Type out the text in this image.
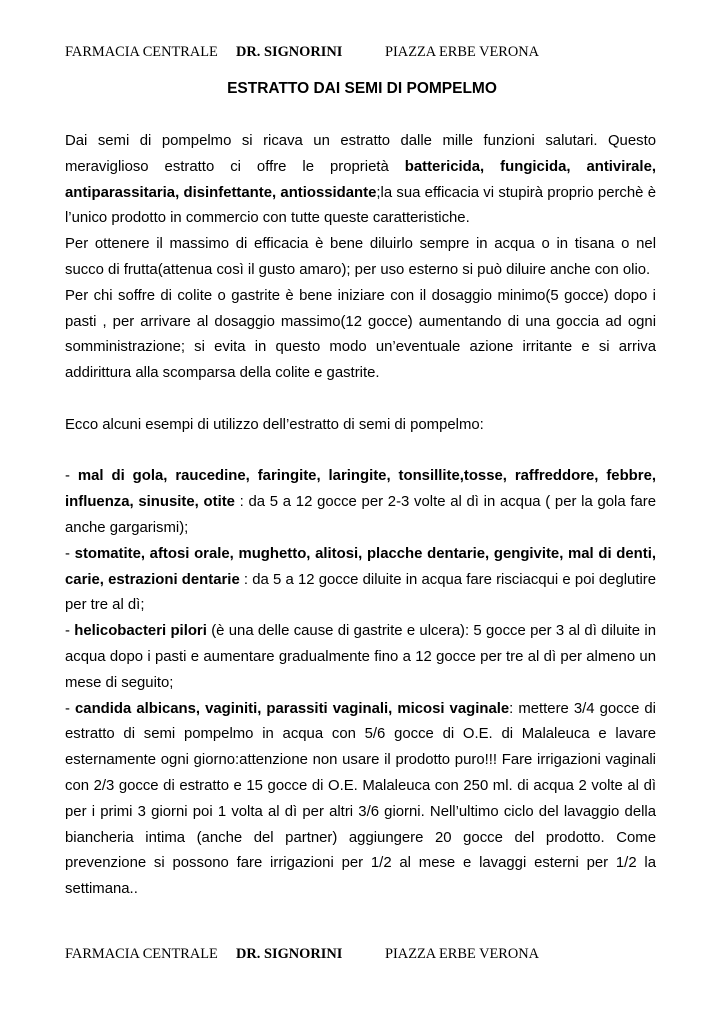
FARMACIA CENTRALE DR. SIGNORINI	PIAZZA ERBE VERONA
ESTRATTO DAI SEMI DI POMPELMO

Dai semi di pompelmo si ricava un estratto dalle mille funzioni salutari. Questo meraviglioso estratto ci offre le proprietà battericida, fungicida, antivirale, antiparassitaria, disinfettante, antiossidante;la sua efficacia vi stupirà proprio perchè è l’unico prodotto in commercio con tutte queste caratteristiche.

Per ottenere il massimo di efficacia è bene diluirlo sempre in acqua o in tisana o nel succo di frutta(attenua così il gusto amaro); per uso esterno si può diluire anche con olio.

Per chi soffre di colite o gastrite è bene iniziare con il dosaggio minimo(5 gocce) dopo i pasti , per arrivare al dosaggio massimo(12 gocce) aumentando di una goccia ad ogni somministrazione; si evita in questo modo un’eventuale azione irritante e si arriva addirittura alla scomparsa della colite e gastrite.

Ecco alcuni esempi di utilizzo dell’estratto di semi di pompelmo:

- mal di gola, raucedine, faringite, laringite, tonsillite,tosse, raffreddore, febbre, influenza, sinusite, otite : da 5 a 12 gocce per 2-3 volte al dì in acqua ( per la gola fare anche gargarismi);

- stomatite, aftosi orale, mughetto, alitosi, placche dentarie, gengivite, mal di denti, carie, estrazioni dentarie : da 5 a 12 gocce diluite in acqua fare risciacqui e poi deglutire per tre al dì;

- helicobacteri pilori (è una delle cause di gastrite e ulcera): 5 gocce per 3 al dì diluite in acqua dopo i pasti e aumentare gradualmente fino a 12 gocce per tre al dì per almeno un mese di seguito;

- candida albicans, vaginiti, parassiti vaginali, micosi vaginale: mettere 3/4 gocce di estratto di semi pompelmo in acqua con 5/6 gocce di O.E. di Malaleuca e lavare esternamente ogni giorno:attenzione non usare il prodotto puro!!! Fare irrigazioni vaginali con 2/3 gocce di estratto e 15 gocce di O.E. Malaleuca con 250 ml. di acqua 2 volte al dì per i primi 3 giorni poi 1 volta al dì per altri 3/6 giorni. Nell’ultimo ciclo del lavaggio della biancheria intima (anche del partner) aggiungere 20 gocce del prodotto. Come prevenzione si possono fare irrigazioni per 1/2 al mese e lavaggi esterni per 1/2 la settimana..

FARMACIA CENTRALE DR. SIGNORINI	PIAZZA ERBE VERONA
